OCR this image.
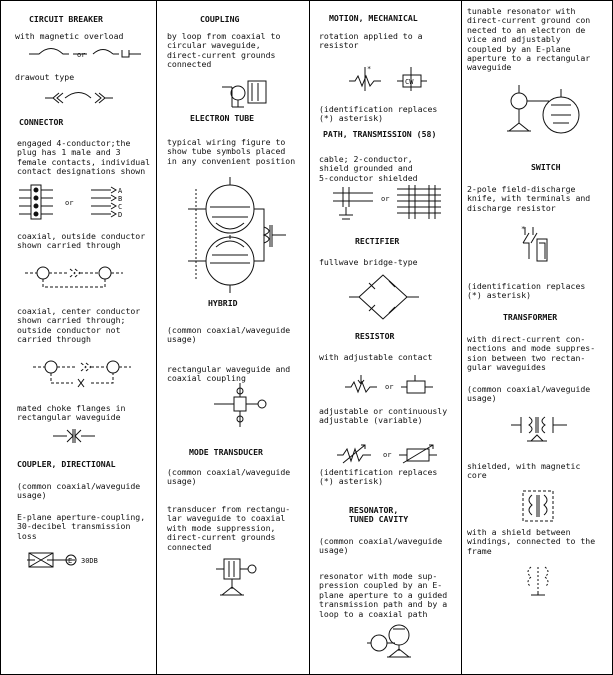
CIRCUIT BREAKER

with magnetic overload

or

drawout type

CONNECTOR

engaged 4-conductor;the
plug has 1 male and 3
female contacts, individual
contact designations shown

or
A
B
C
D

coaxial, outside conductor
shown carried through

coaxial, center conductor
shown carried through;
outside conductor not
carried through

mated choke flanges in
rectangular waveguide

COUPLER, DIRECTIONAL

(common coaxial/waveguide
usage)

E-plane aperture-coupling,
30-decibel transmission
loss

E 30DB

COUPLING

by loop from coaxial to
circular waveguide,
direct-current grounds
connected

ELECTRON TUBE

typical wiring figure to
show tube symbols placed
in any convenient position

HYBRID

(common coaxial/waveguide
usage)

rectangular waveguide and
coaxial coupling

MODE TRANSDUCER

(common coaxial/waveguide
usage)

transducer from rectangu-
lar waveguide to coaxial
with mode suppression,
direct-current grounds
connected

MOTION, MECHANICAL

rotation applied to a
resistor

*
CW

(identification replaces
(*) asterisk)

PATH, TRANSMISSION (58)

cable; 2-conductor,
shield grounded and
5-conductor shielded

or

RECTIFIER

fullwave bridge-type

RESISTOR

with adjustable contact

or

adjustable or continuously
adjustable (variable)

or

(identification replaces
(*) asterisk)

RESONATOR,
TUNED CAVITY

(common coaxial/waveguide
usage)

resonator with mode sup-
pression coupled by an E-
plane aperture to a guided
transmission path and by a
loop to a coaxial path

tunable resonator with
direct-current ground con
nected to an electron de
vice and adjustably
coupled by an E-plane
aperture to a rectangular
waveguide

SWITCH

2-pole field-discharge
knife, with terminals and
discharge resistor

*

(identification replaces
(*) asterisk)

TRANSFORMER

with direct-current con-
nections and mode suppres-
sion between two rectan-
gular waveguides

(common coaxial/waveguide
usage)

shielded, with magnetic
core

with a shield between
windings, connected to the
frame
